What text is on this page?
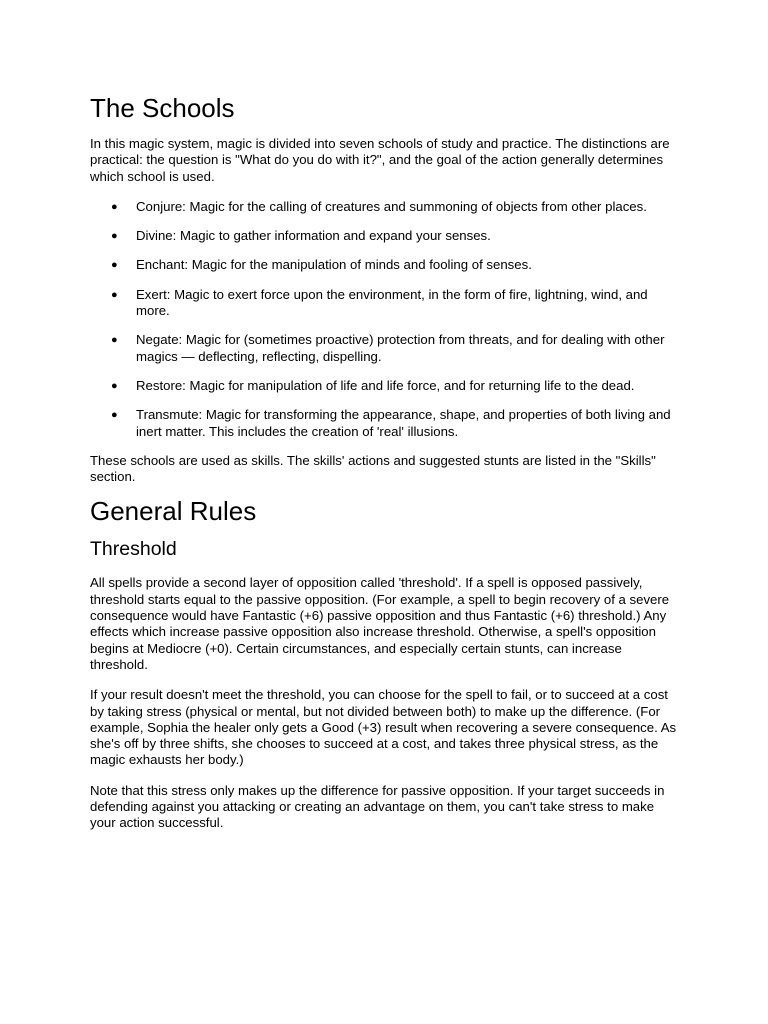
The Schools

In this magic system, magic is divided into seven schools of study and practice. The distinctions are practical: the question is "What do you do with it?", and the goal of the action generally determines which school is used.

● Conjure: Magic for the calling of creatures and summoning of objects from other places.
● Divine: Magic to gather information and expand your senses.
● Enchant: Magic for the manipulation of minds and fooling of senses.
● Exert: Magic to exert force upon the environment, in the form of fire, lightning, wind, and more.
● Negate: Magic for (sometimes proactive) protection from threats, and for dealing with other magics — deflecting, reflecting, dispelling.
● Restore: Magic for manipulation of life and life force, and for returning life to the dead.
● Transmute: Magic for transforming the appearance, shape, and properties of both living and inert matter. This includes the creation of 'real' illusions.

These schools are used as skills. The skills' actions and suggested stunts are listed in the "Skills" section.

General Rules
Threshold

All spells provide a second layer of opposition called 'threshold'. If a spell is opposed passively, threshold starts equal to the passive opposition. (For example, a spell to begin recovery of a severe consequence would have Fantastic (+6) passive opposition and thus Fantastic (+6) threshold.) Any effects which increase passive opposition also increase threshold. Otherwise, a spell's opposition begins at Mediocre (+0). Certain circumstances, and especially certain stunts, can increase threshold.

If your result doesn't meet the threshold, you can choose for the spell to fail, or to succeed at a cost by taking stress (physical or mental, but not divided between both) to make up the difference. (For example, Sophia the healer only gets a Good (+3) result when recovering a severe consequence. As she's off by three shifts, she chooses to succeed at a cost, and takes three physical stress, as the magic exhausts her body.)

Note that this stress only makes up the difference for passive opposition. If your target succeeds in defending against you attacking or creating an advantage on them, you can't take stress to make your action successful.
